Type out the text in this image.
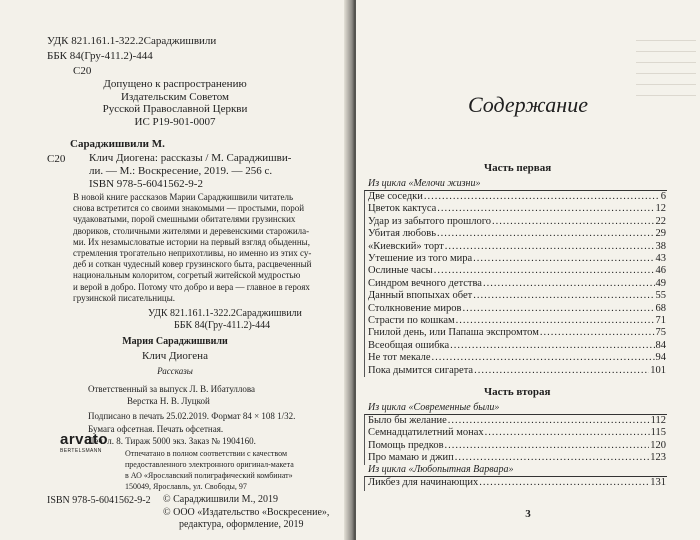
УДК 821.161.1-322.2Сараджишвили
ББК 84(Гру-411.2)-444
С20
Допущено к распространению
Издательским Советом
Русской Православной Церкви
ИС Р19-901-0007
Сараджишвили М.
С20 Клич Диогена: рассказы / М. Сараджишви-
ли. — М.: Воскресение, 2019. — 256 с.
ISBN 978-5-6041562-9-2
В новой книге рассказов Марии Сараджишвили читатель
снова встретится со своими знакомыми — простыми, порой
чудаковатыми, порой смешными обитателями грузинских
двориков, столичными жителями и деревенскими старожила-
ми. Их незамысловатые истории на первый взгляд обыденны,
стремления трогательно неприхотливы, но именно из этих су-
деб и соткан чудесный ковер грузинского быта, расцвеченный
национальным колоритом, согретый житейской мудростью
и верой в добро. Потому что добро и вера — главное в героях
грузинской писательницы.
УДК 821.161.1-322.2Сараджишвили
ББК 84(Гру-411.2)-444
Мария Сараджишвили
Клич Диогена
Рассказы
Ответственный за выпуск Л. В. Ибатуллова
Верстка Н. В. Луцкой
Подписано в печать 25.02.2019. Формат 84 × 108 1/32.
Бумага офсетная. Печать офсетная.
Печ. л. 8. Тираж 5000 экз. Заказ № 1904160.
arvato
BERTELSMANN	Отпечатано в полном соответствии с качеством
предоставленного электронного оригинал-макета
в АО «Ярославский полиграфический комбинат»
150049, Ярославль, ул. Свободы, 97
ISBN 978-5-6041562-9-2 © Сараджишвили М., 2019
© ООО «Издательство «Воскресение»,
редактура, оформление, 2019
Содержание
Часть первая
Из цикла «Мелочи жизни»
Две соседки .....	6
Цветок кактуса .....	12
Удар из забытого прошлого .....	22
Убитая любовь .....	29
«Киевский» торт .....	38
Утешение из того мира .....	43
Ослиные часы .....	46
Синдром вечного детства .....	49
Данный впопыхах обет .....	55
Столкновение миров .....	68
Страсти по кошкам .....	71
Гнилой день, или Папаша экспромтом .....	75
Всеобщая ошибка .....	84
Не тот мекале .....	94
Пока дымится сигарета .....	101
Часть вторая
Из цикла «Современные были»
Было бы желание .....	112
Семнадцатилетний монах .....	115
Помощь предков .....	120
Про мамаю и джип .....	123
Из цикла «Любопытная Варвара»
Ликбез для начинающих .....	131
3
